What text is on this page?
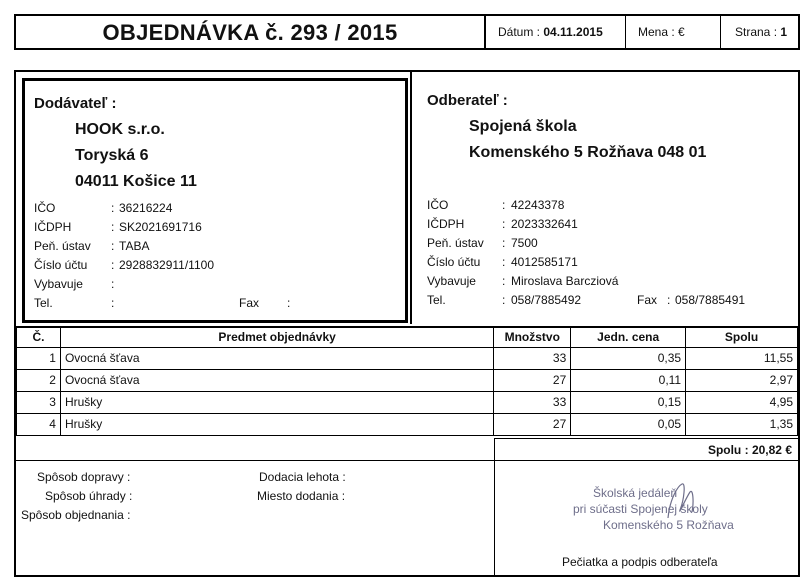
OBJEDNÁVKA č. 293 / 2015	Dátum : 04.11.2015	Mena : €	Strana : 1
Dodávateľ :
HOOK s.r.o.
Toryská 6
04011 Košice 11
IČO	: 36216224
IČDPH	: SK2021691716
Peň. ústav : TABA
Číslo účtu : 2928832911/1100
Vybavuje :
Tel.	:	Fax :
Odberateľ :
Spojená škola
Komenského 5 Rožňava 048 01
IČO	: 42243378
IČDPH	: 2023332641
Peň. ústav : 7500
Číslo účtu : 4012585171
Vybavuje : Miroslava Barcziová
Tel.	: 058/7885492	Fax : 058/7885491
Č.	Predmet objednávky	Množstvo	Jedn. cena	Spolu
1	Ovocná šťava	33	0,35	11,55
2	Ovocná šťava	27	0,11	2,97
3	Hrušky	33	0,15	4,95
4	Hrušky	27	0,05	1,35
Spolu : 20,82 €
Spôsob dopravy :
Spôsob úhrady :
Spôsob objednania :
Dodacia lehota :
Miesto dodania :
Pečiatka a podpis odberateľa
Školská jedáleň
pri súčasti Spojenej školy
Komenského 5 Rožňava
